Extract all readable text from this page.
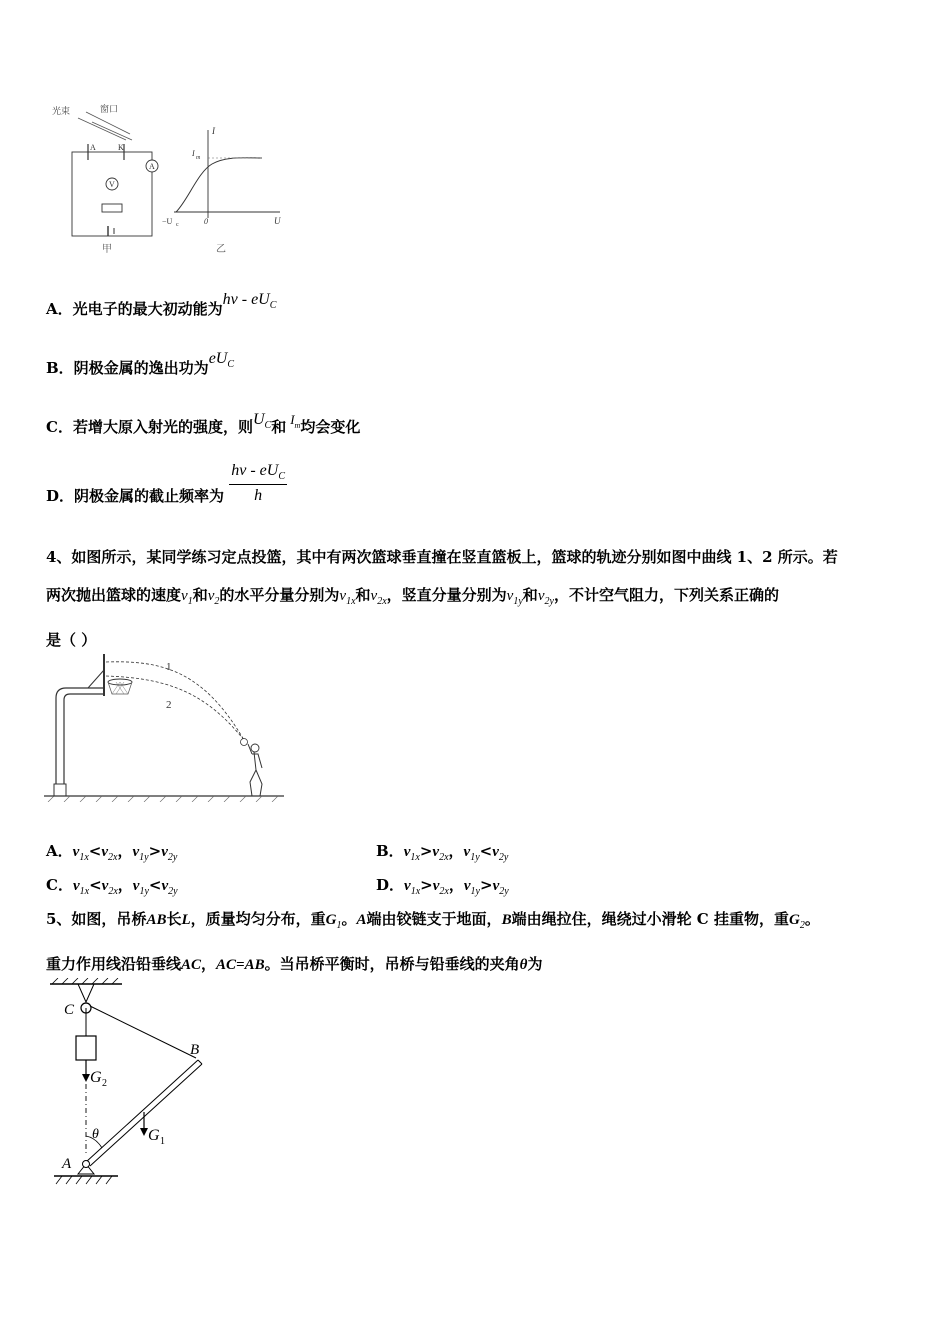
光束	窗口
A	K
A
V
甲
I
U
I m
−U c	0
乙
A．光电子的最大初动能为hν - $eU_C$
B．阴极金属的逸出功为$eU_C$
C．若增大原入射光的强度，则$U_C$和 $I_m$均会变化
D．阴极金属的截止频率为 $\frac{h\nu - eU_C}{h}$
4、如图所示，某同学练习定点投篮，其中有两次篮球垂直撞在竖直篮板上，篮球的轨迹分别如图中曲线 1、2 所示。若
两次抛出篮球的速度$v_1$和$v_2$的水平分量分别为$v_{1x}$和$v_{2x}$，竖直分量分别为$v_{1y}$和$v_{2y}$，不计空气阻力，下列关系正确的
是（ ）
1
2
A．$v_{1x}<v_{2x}$，$v_{1y}>v_{2y}$	B．$v_{1x}>v_{2x}$，$v_{1y}<v_{2y}$
C．$v_{1x}<v_{2x}$，$v_{1y}<v_{2y}$	D．$v_{1x}>v_{2x}$，$v_{1y}>v_{2y}$
5、如图，吊桥AB长L，质量均匀分布，重$G_1$。A端由铰链支于地面，B端由绳拉住，绳绕过小滑轮 C 挂重物，重$G_2$。
重力作用线沿铅垂线AC，AC=AB。当吊桥平衡时，吊桥与铅垂线的夹角θ为
C
G 2
B
G 1
θ
A
